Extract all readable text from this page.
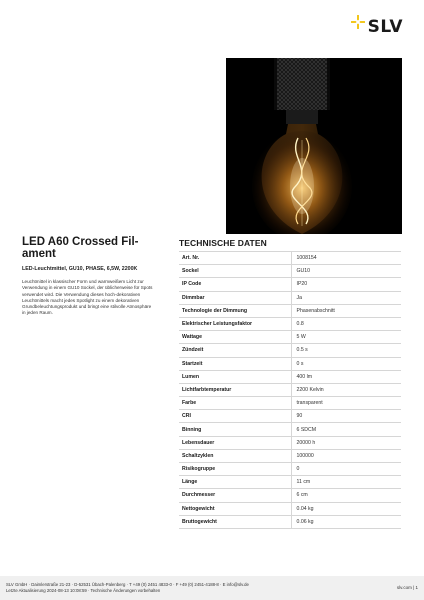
SLV
LED A60 Crossed Fil-ament
LED-Leuchtmittel, GU10, PHASE, 6,5W, 2200K
Leuchtmittel in klassischer Form und warmweißem Licht zur Verwendung in einem GU10 Sockel, der üblicherweise für Spots verwendet wird. Die Verwendung dieses hoch-dekorativen Leuchtmittels macht jedes Spotlight zu einem dekorativen Grundbeleuchtungsprodukt und bringt eine stilvolle Atmosphäre in jeden Raum.
TECHNISCHE DATEN
Art. Nr.	1008154
Sockel	GU10
IP Code	IP20
Dimmbar	Ja
Technologie der Dimmung	Phasenabschnitt
Elektrischer Leistungsfaktor	0.8
Wattage	5 W
Zündzeit	0.5 s
Startzeit	0 s
Lumen	400 lm
Lichtfarbtemperatur	2200 Kelvin
Farbe	transparent
CRI	90
Binning	6 SDCM
Lebensdauer	20000 h
Schaltzyklen	100000
Risikogruppe	0
Länge	11 cm
Durchmesser	6 cm
Nettogewicht	0.04 kg
Bruttogewicht	0.06 kg
SLV GmbH · Daimlerstraße 21-23 · D-52531 Übach-Palenberg · T +49 (0) 2451 4833-0 · F +49 (0) 2451-4188-8 · E info@slv.de
Letzte Aktualisierung 2024-08-13 10:08:59 · Technische Änderungen vorbehalten
slv.com | 1
